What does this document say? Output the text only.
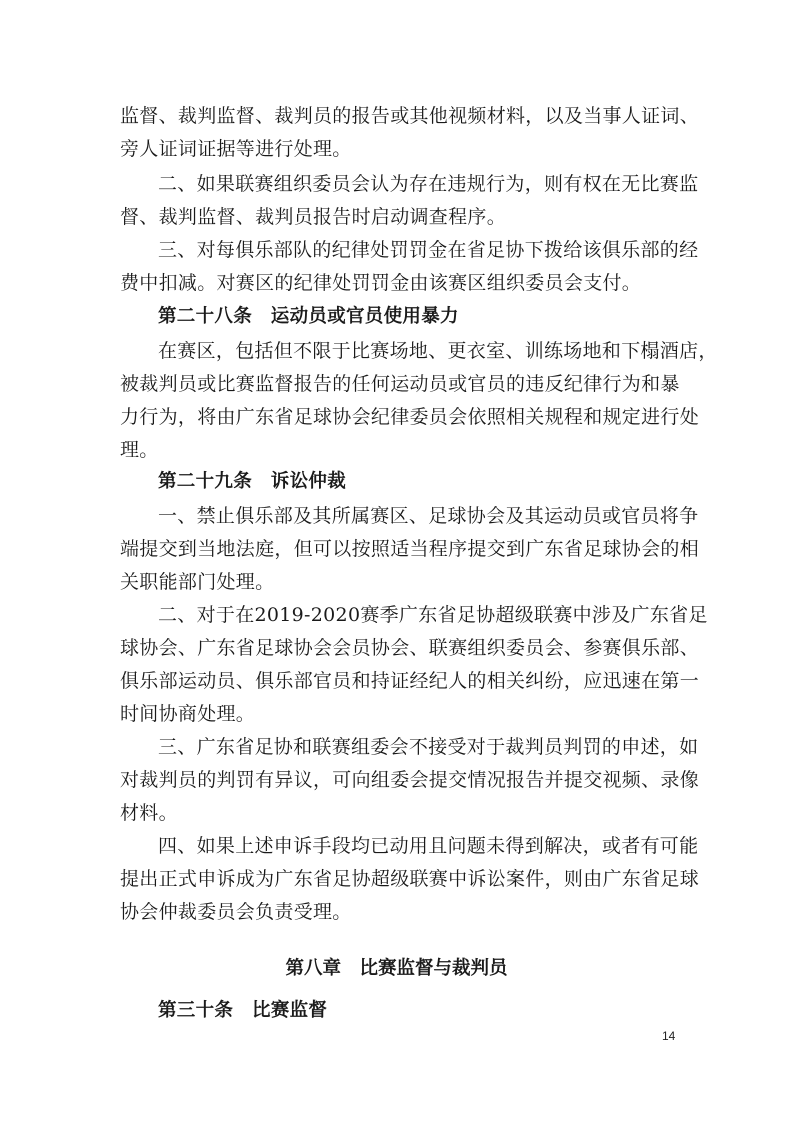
监督、裁判监督、裁判员的报告或其他视频材料，以及当事人证词、
旁人证词证据等进行处理。
二、如果联赛组织委员会认为存在违规行为，则有权在无比赛监
督、裁判监督、裁判员报告时启动调查程序。
三、对每俱乐部队的纪律处罚罚金在省足协下拨给该俱乐部的经
费中扣减。对赛区的纪律处罚罚金由该赛区组织委员会支付。
第二十八条　运动员或官员使用暴力
在赛区，包括但不限于比赛场地、更衣室、训练场地和下榻酒店，
被裁判员或比赛监督报告的任何运动员或官员的违反纪律行为和暴
力行为，将由广东省足球协会纪律委员会依照相关规程和规定进行处
理。
第二十九条　诉讼仲裁
一、禁止俱乐部及其所属赛区、足球协会及其运动员或官员将争
端提交到当地法庭，但可以按照适当程序提交到广东省足球协会的相
关职能部门处理。
二、对于在2019-2020赛季广东省足协超级联赛中涉及广东省足
球协会、广东省足球协会会员协会、联赛组织委员会、参赛俱乐部、
俱乐部运动员、俱乐部官员和持证经纪人的相关纠纷，应迅速在第一
时间协商处理。
三、广东省足协和联赛组委会不接受对于裁判员判罚的申述，如
对裁判员的判罚有异议，可向组委会提交情况报告并提交视频、录像
材料。
四、如果上述申诉手段均已动用且问题未得到解决，或者有可能
提出正式申诉成为广东省足协超级联赛中诉讼案件，则由广东省足球
协会仲裁委员会负责受理。
第八章　比赛监督与裁判员
第三十条　比赛监督
14
